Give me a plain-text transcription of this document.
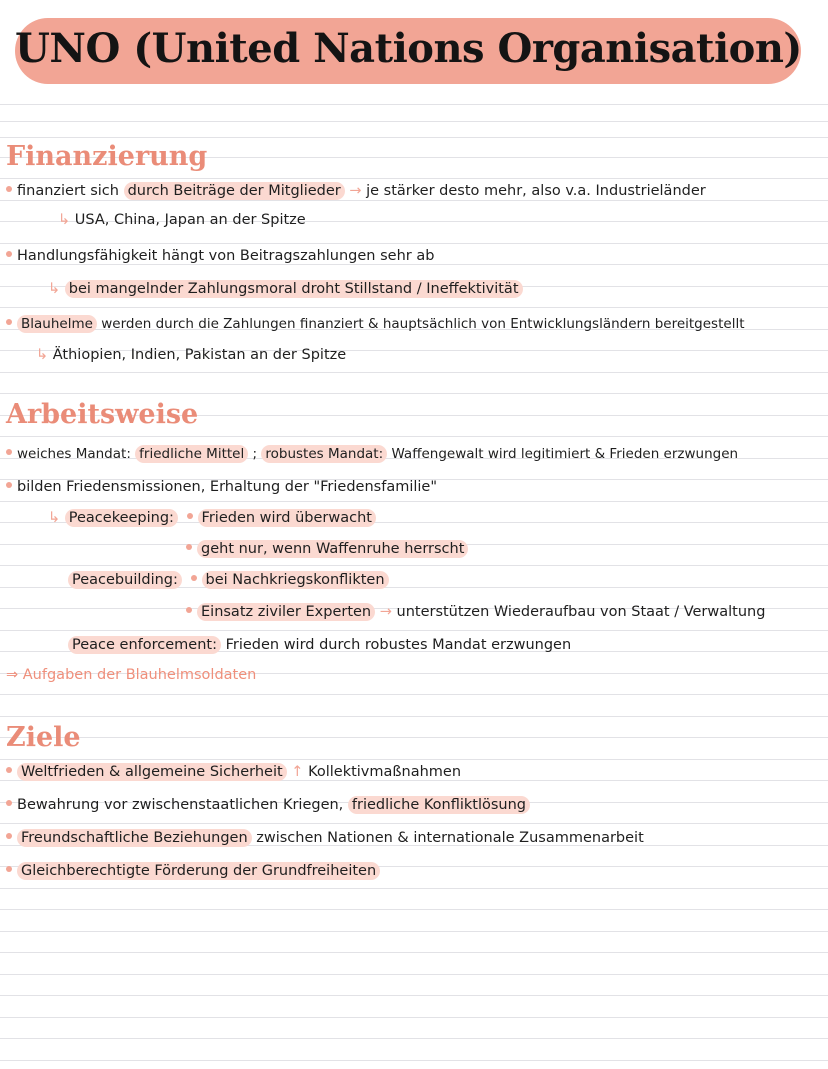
UNO (United Nations Organisation)
Finanzierung
finanziert sich durch Beiträge der Mitglieder → je stärker desto mehr, also v.a. Industrieländer
↳ USA, China, Japan an der Spitze
Handlungsfähigkeit hängt von Beitragszahlungen sehr ab
↳ bei mangelnder Zahlungsmoral droht Stillstand / Ineffektivität
Blauhelme werden durch die Zahlungen finanziert & hauptsächlich von Entwicklungsländern bereitgestellt
↳ Äthiopien, Indien, Pakistan an der Spitze
Arbeitsweise
weiches Mandat: friedliche Mittel ; robustes Mandat: Waffengewalt wird legitimiert & Frieden erzwungen
bilden Friedensmissionen, Erhaltung der "Friedensfamilie"
↳ Peacekeeping: Frieden wird überwacht
geht nur, wenn Waffenruhe herrscht
Peacebuilding: bei Nachkriegskonflikten
Einsatz ziviler Experten → unterstützen Wiederaufbau von Staat / Verwaltung
Peace enforcement: Frieden wird durch robustes Mandat erzwungen
⇒ Aufgaben der Blauhelmsoldaten
Ziele
Weltfrieden & allgemeine Sicherheit ↑ Kollektivmaßnahmen
Bewahrung vor zwischenstaatlichen Kriegen, friedliche Konfliktlösung
Freundschaftliche Beziehungen zwischen Nationen & internationale Zusammenarbeit
Gleichberechtigte Förderung der Grundfreiheiten
